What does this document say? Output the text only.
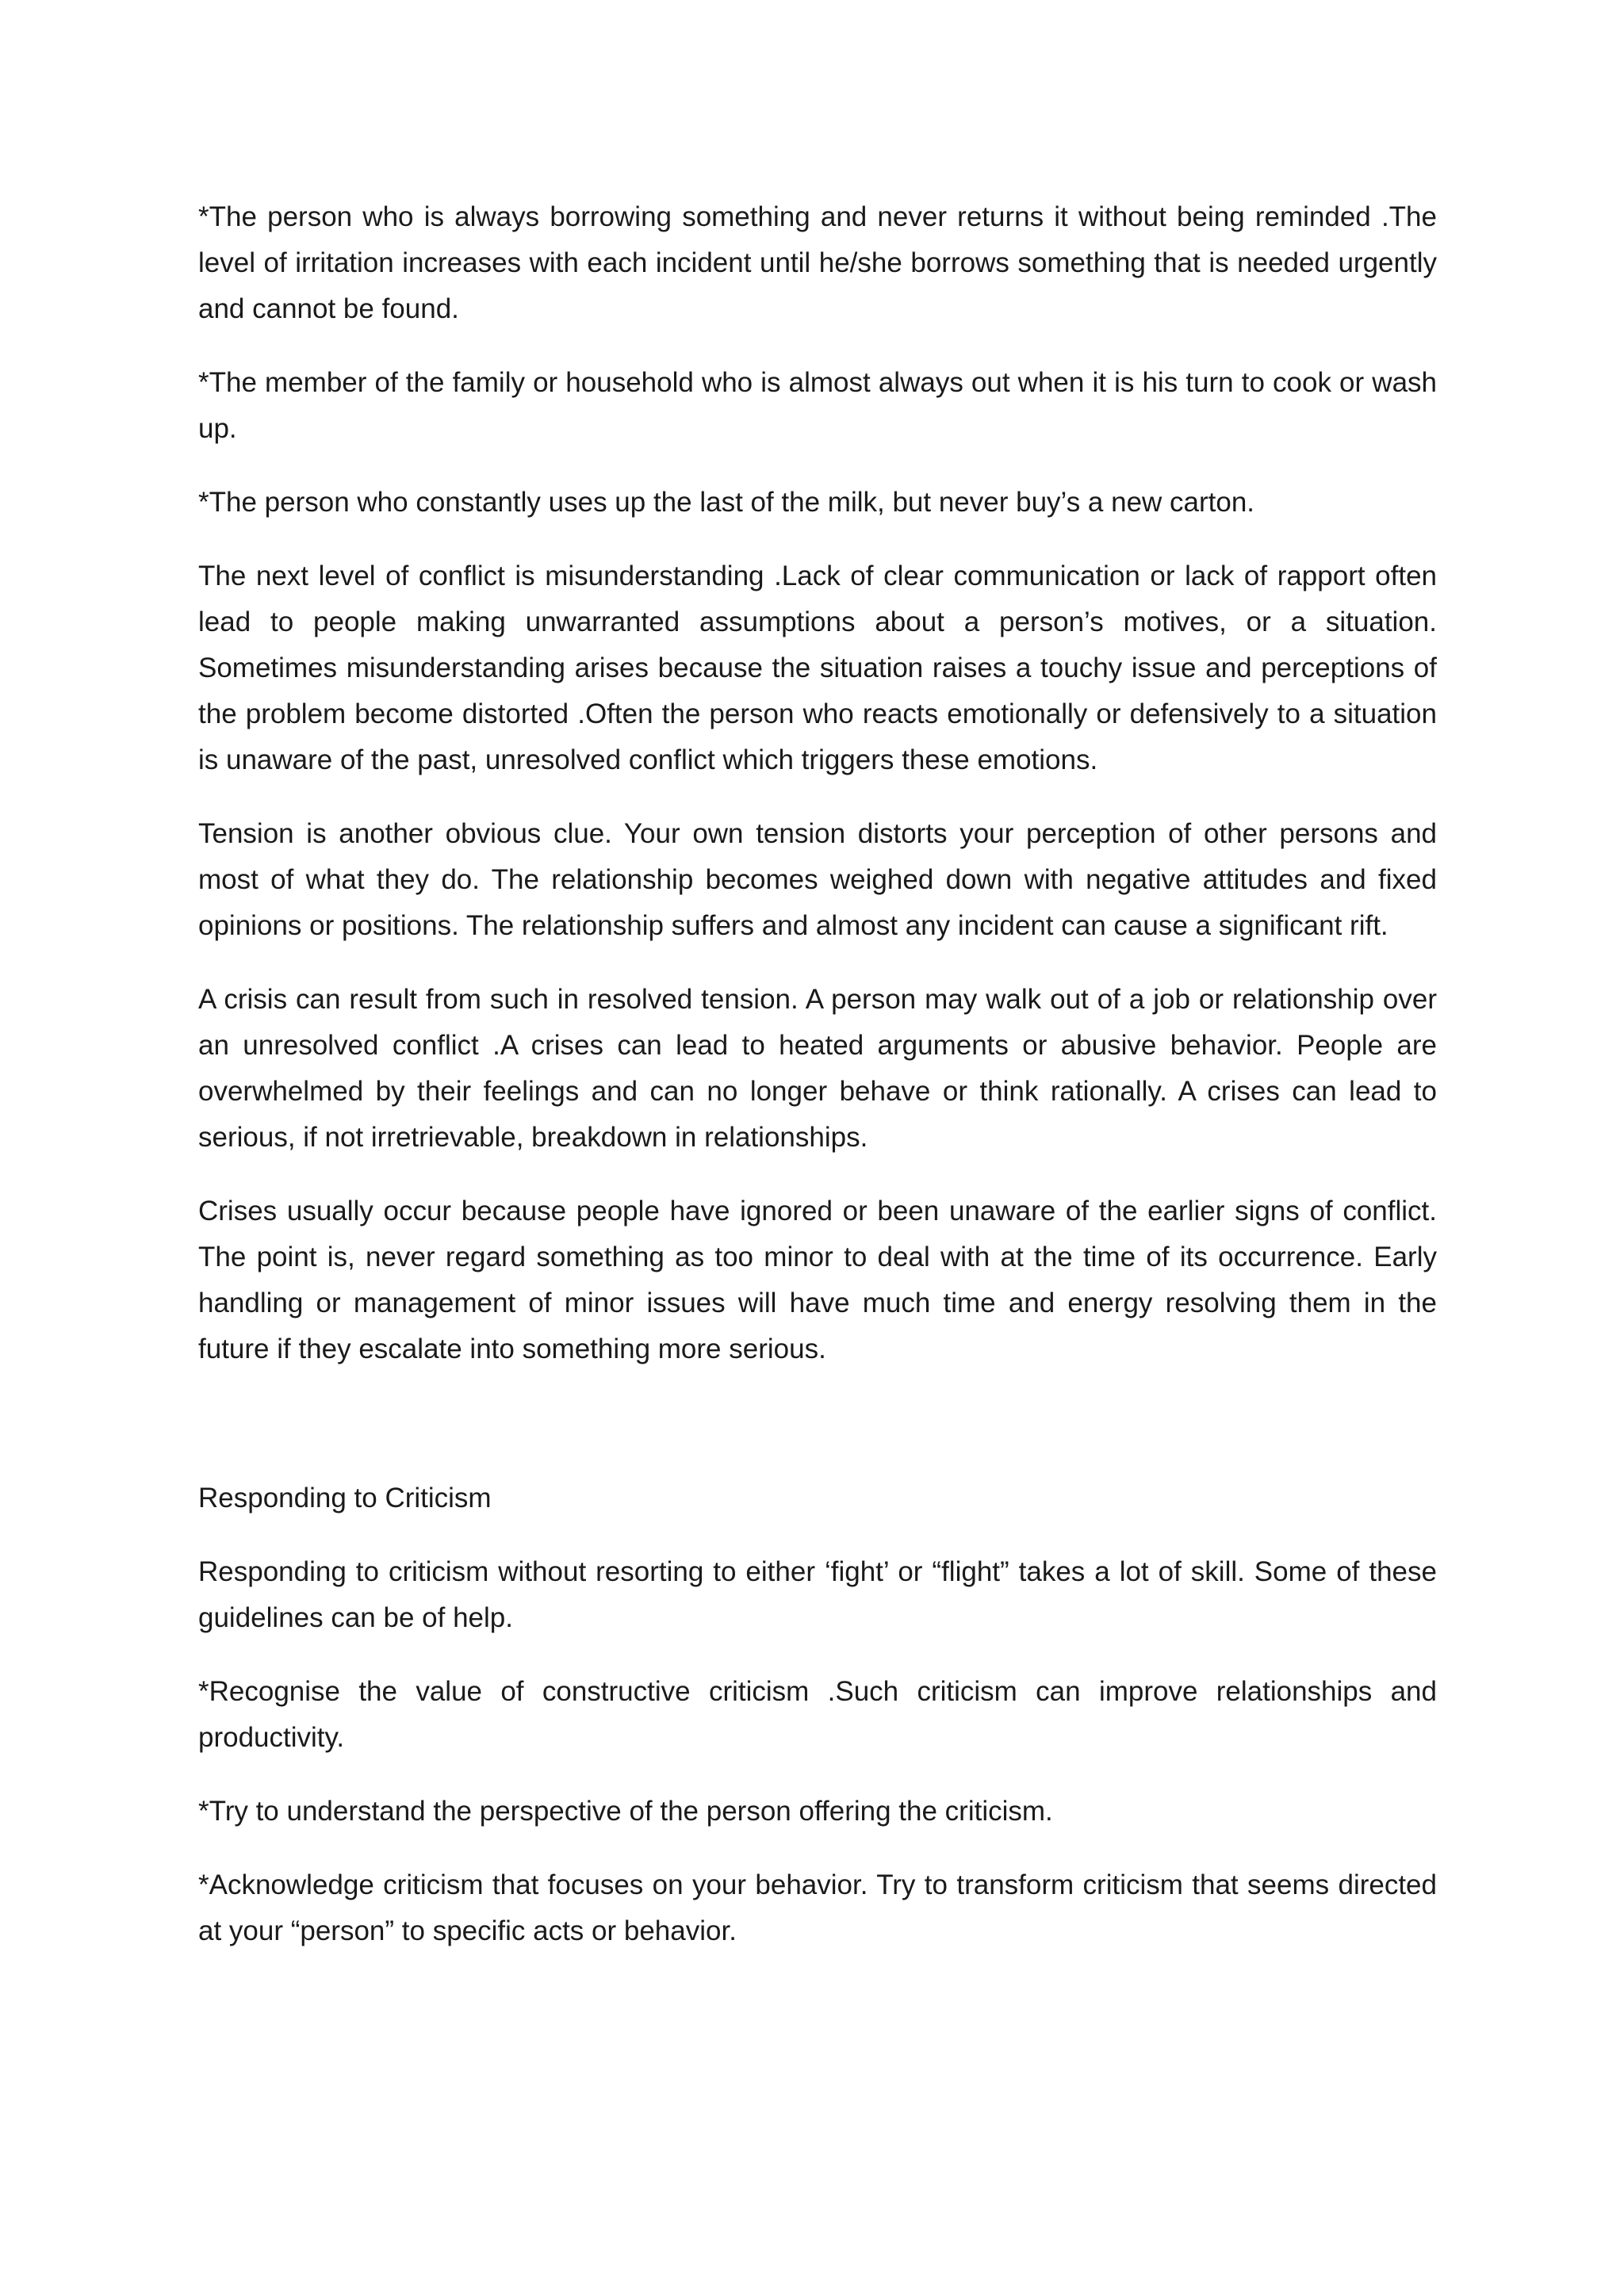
*The person who is always borrowing something and never returns it without being reminded .The level of irritation increases with each incident until he/she borrows something that is needed urgently and cannot be found.

*The member of the family or household who is almost always out when it is his turn to cook or wash up.

*The person who constantly uses up the last of the milk, but never buy’s a new carton.

The next level of conflict is misunderstanding .Lack of clear communication or lack of rapport often lead to people making unwarranted assumptions about a person’s motives, or a situation. Sometimes misunderstanding arises because the situation raises a touchy issue and perceptions of the problem become distorted .Often the person who reacts emotionally or defensively to a situation is unaware of the past, unresolved conflict which triggers these emotions.

Tension is another obvious clue. Your own tension distorts your perception of other persons and most of what they do. The relationship becomes weighed down with negative attitudes and fixed opinions or positions. The relationship suffers and almost any incident can cause a significant rift.

A crisis can result from such in resolved tension. A person may walk out of a job or relationship over an unresolved conflict .A crises can lead to heated arguments or abusive behavior. People are overwhelmed by their feelings and can no longer behave or think rationally. A crises can lead to serious, if not irretrievable, breakdown in relationships.

Crises usually occur because people have ignored or been unaware of the earlier signs of conflict. The point is, never regard something as too minor to deal with at the time of its occurrence. Early handling or management of minor issues will have much time and energy resolving them in the future if they escalate into something more serious.

Responding to Criticism

Responding to criticism without resorting to either ‘fight’ or “flight” takes a lot of skill. Some of these guidelines can be of help.

*Recognise the value of constructive criticism .Such criticism can improve relationships and productivity.

*Try to understand the perspective of the person offering the criticism.

*Acknowledge criticism that focuses on your behavior. Try to transform criticism that seems directed at your “person” to specific acts or behavior.
